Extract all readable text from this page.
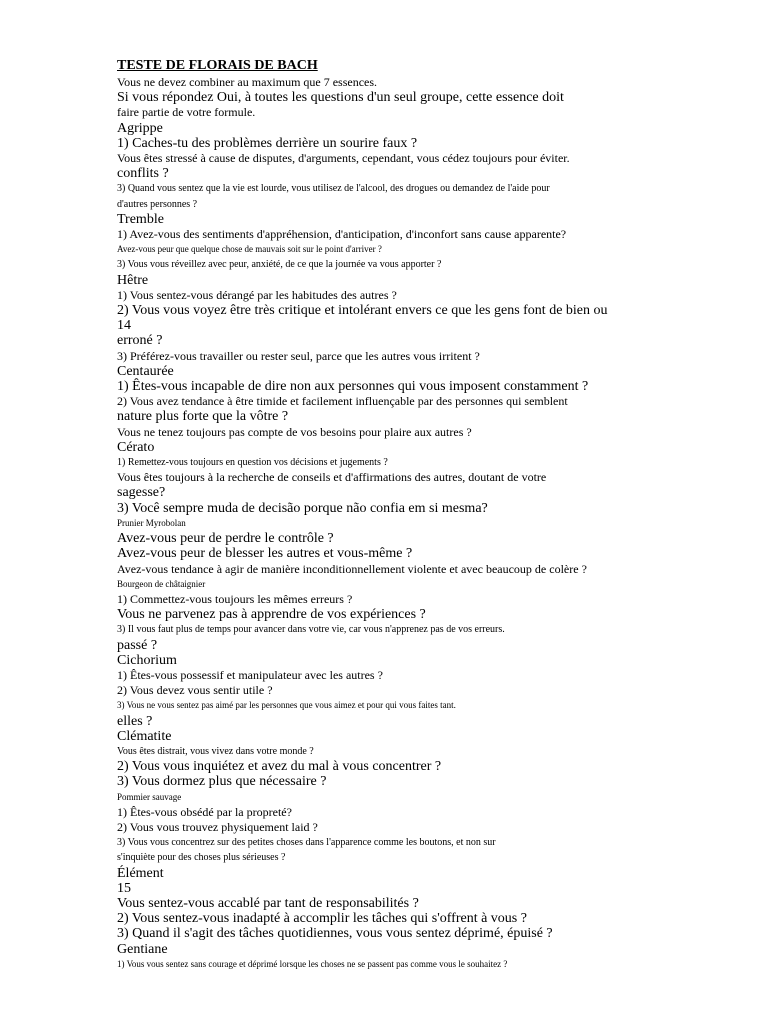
TESTE DE FLORAIS DE BACH
Vous ne devez combiner au maximum que 7 essences.
Si vous répondez Oui, à toutes les questions d'un seul groupe, cette essence doit
faire partie de votre formule.
Agrippe
1) Caches-tu des problèmes derrière un sourire faux ?
Vous êtes stressé à cause de disputes, d'arguments, cependant, vous cédez toujours pour éviter.
conflits ?
3) Quand vous sentez que la vie est lourde, vous utilisez de l'alcool, des drogues ou demandez de l'aide pour
d'autres personnes ?
Tremble
1) Avez-vous des sentiments d'appréhension, d'anticipation, d'inconfort sans cause apparente?
Avez-vous peur que quelque chose de mauvais soit sur le point d'arriver ?
3) Vous vous réveillez avec peur, anxiété, de ce que la journée va vous apporter ?
Hêtre
1) Vous sentez-vous dérangé par les habitudes des autres ?
2) Vous vous voyez être très critique et intolérant envers ce que les gens font de bien ou
14
erroné ?
3) Préférez-vous travailler ou rester seul, parce que les autres vous irritent ?
Centaurée
1) Êtes-vous incapable de dire non aux personnes qui vous imposent constamment ?
2) Vous avez tendance à être timide et facilement influençable par des personnes qui semblent
nature plus forte que la vôtre ?
Vous ne tenez toujours pas compte de vos besoins pour plaire aux autres ?
Cérato
1) Remettez-vous toujours en question vos décisions et jugements ?
Vous êtes toujours à la recherche de conseils et d'affirmations des autres, doutant de votre
sagesse?
3) Você sempre muda de decisão porque não confia em si mesma?
Prunier Myrobolan
Avez-vous peur de perdre le contrôle ?
Avez-vous peur de blesser les autres et vous-même ?
Avez-vous tendance à agir de manière inconditionnellement violente et avec beaucoup de colère ?
Bourgeon de châtaignier
1) Commettez-vous toujours les mêmes erreurs ?
Vous ne parvenez pas à apprendre de vos expériences ?
3) Il vous faut plus de temps pour avancer dans votre vie, car vous n'apprenez pas de vos erreurs.
passé ?
Cichorium
1) Êtes-vous possessif et manipulateur avec les autres ?
2) Vous devez vous sentir utile ?
3) Vous ne vous sentez pas aimé par les personnes que vous aimez et pour qui vous faites tant.
elles ?
Clématite
Vous êtes distrait, vous vivez dans votre monde ?
2) Vous vous inquiétez et avez du mal à vous concentrer ?
3) Vous dormez plus que nécessaire ?
Pommier sauvage
1) Êtes-vous obsédé par la propreté?
2) Vous vous trouvez physiquement laid ?
3) Vous vous concentrez sur des petites choses dans l'apparence comme les boutons, et non sur
s'inquiète pour des choses plus sérieuses ?
Élément
15
Vous sentez-vous accablé par tant de responsabilités ?
2) Vous sentez-vous inadapté à accomplir les tâches qui s'offrent à vous ?
3) Quand il s'agit des tâches quotidiennes, vous vous sentez déprimé, épuisé ?
Gentiane
1) Vous vous sentez sans courage et déprimé lorsque les choses ne se passent pas comme vous le souhaitez ?
